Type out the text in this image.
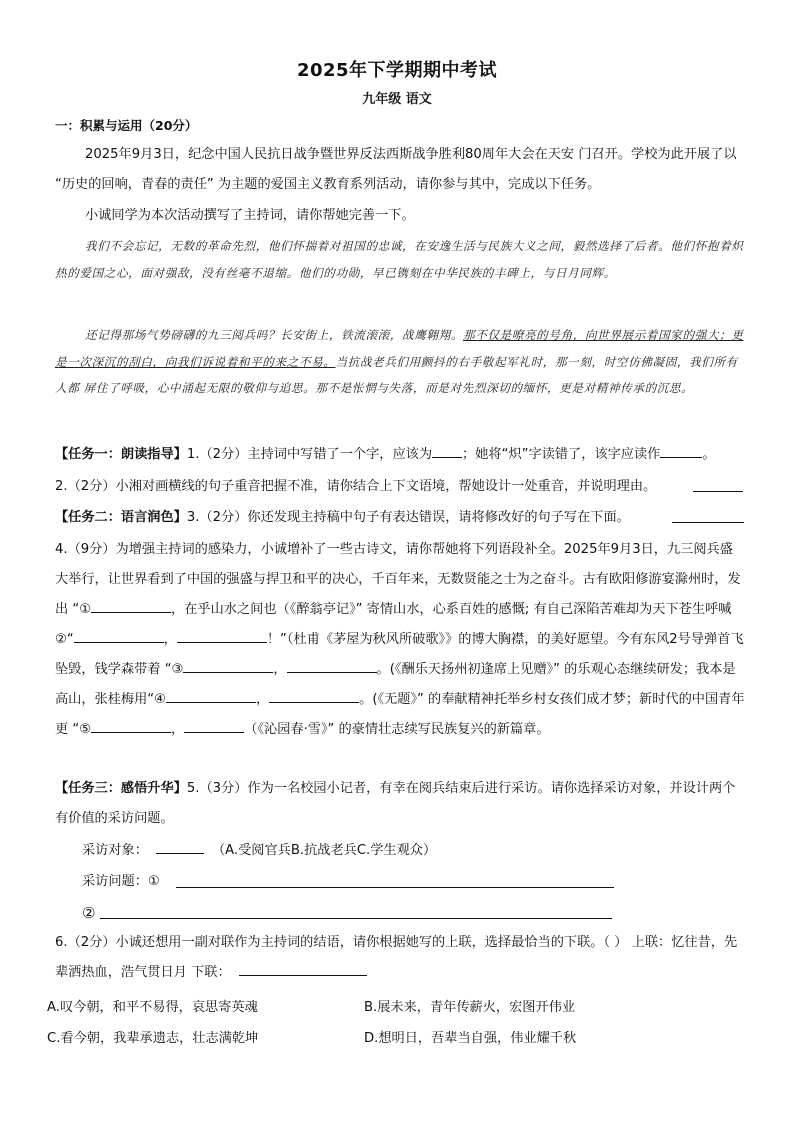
2025年下学期期中考试
九年级 语文
一：积累与运用（20分）
2025年9月3日，纪念中国人民抗日战争暨世界反法西斯战争胜利80周年大会在天安 门召开。学校为此开展了以 “历史的回响，青春的责任” 为主题的爱国主义教育系列活动，请你参与其中，完成以下任务。
小诚同学为本次活动撰写了主持词，请你帮她完善一下。
我们不会忘记，无数的革命先烈，他们怀揣着对祖国的忠诚，在安逸生活与民族大义之间，毅然选择了后者。他们怀抱着炽热的爱国之心，面对强敌，没有丝毫不退缩。他们的功勋，早已镌刻在中华民族的丰碑上，与日月同辉。
还记得那场气势磅礴的九三阅兵吗？长安街上，铁流滚滚，战鹰翱翔。那不仅是嘹亮的号角，向世界展示着国家的强大；更是一次深沉的刮白，向我们诉说着和平的来之不易。当抗战老兵们用颤抖的右手敬起军礼时，那一刻，时空仿佛凝固，我们所有人都 屏住了呼吸，心中涌起无限的敬仰与追思。那不是怅惘与失落，而是对先烈深切的缅怀，更是对精神传承的沉思。
【任务一：朗读指导】1.（2分）主持词中写错了一个字，应该为 ；她将“炽”字读错了，该字应读作	。
2.（2分）小湘对画横线的句子重音把握不准，请你结合上下文语境，帮她设计一处重音，并说明理由。
【任务二：语言润色】3.（2分）你还发现主持稿中句子有表达错误，请将修改好的句子写在下面。
4.（9分）为增强主持词的感染力，小诚增补了一些古诗文，请你帮她将下列语段补全。2025年9月3日，九三阅兵盛大举行，让世界看到了中国的强盛与捍卫和平的决心，千百年来，无数贤能之士为之奋斗。古有欧阳修游宴滁州时，发出 “①	，在乎山水之间也（《醉翁亭记》” 寄情山水，心系百姓的感慨; 有自己深陷苦难却为天下苍生呼喊②“	，	！”（杜甫《茅屋为秋风所破歌》》的博大胸襟，的美好愿望。今有东风2号导弹首飞坠毁，钱学森带着 “③	，	。(《酬乐天扬州初逢席上见赠》” 的乐观心态继续研发；我本是高山，张桂梅用“④	，	。(《无题》” 的奉献精神托举乡村女孩们成才梦；新时代的中国青年更 “⑤	，	（《沁园春·雪》” 的豪情壮志续写民族复兴的新篇章。
【任务三：感悟升华】5.（3分）作为一名校园小记者，有幸在阅兵结束后进行采访。请你选择采访对象，并设计两个有价值的采访问题。
采访对象：	（A.受阅官兵B.抗战老兵C.学生观众）
采访问题：①
②
6.（2分）小诚还想用一副对联作为主持词的结语，请你根据她写的上联，选择最恰当的下联。（ ） 上联：忆往昔，先辈洒热血，浩气贯日月 下联：
A.叹今朝，和平不易得，哀思寄英魂	B.展未来，青年传薪火，宏图开伟业
C.看今朝，我辈承遗志，壮志满乾坤	D.想明日，吾辈当自强，伟业耀千秋
